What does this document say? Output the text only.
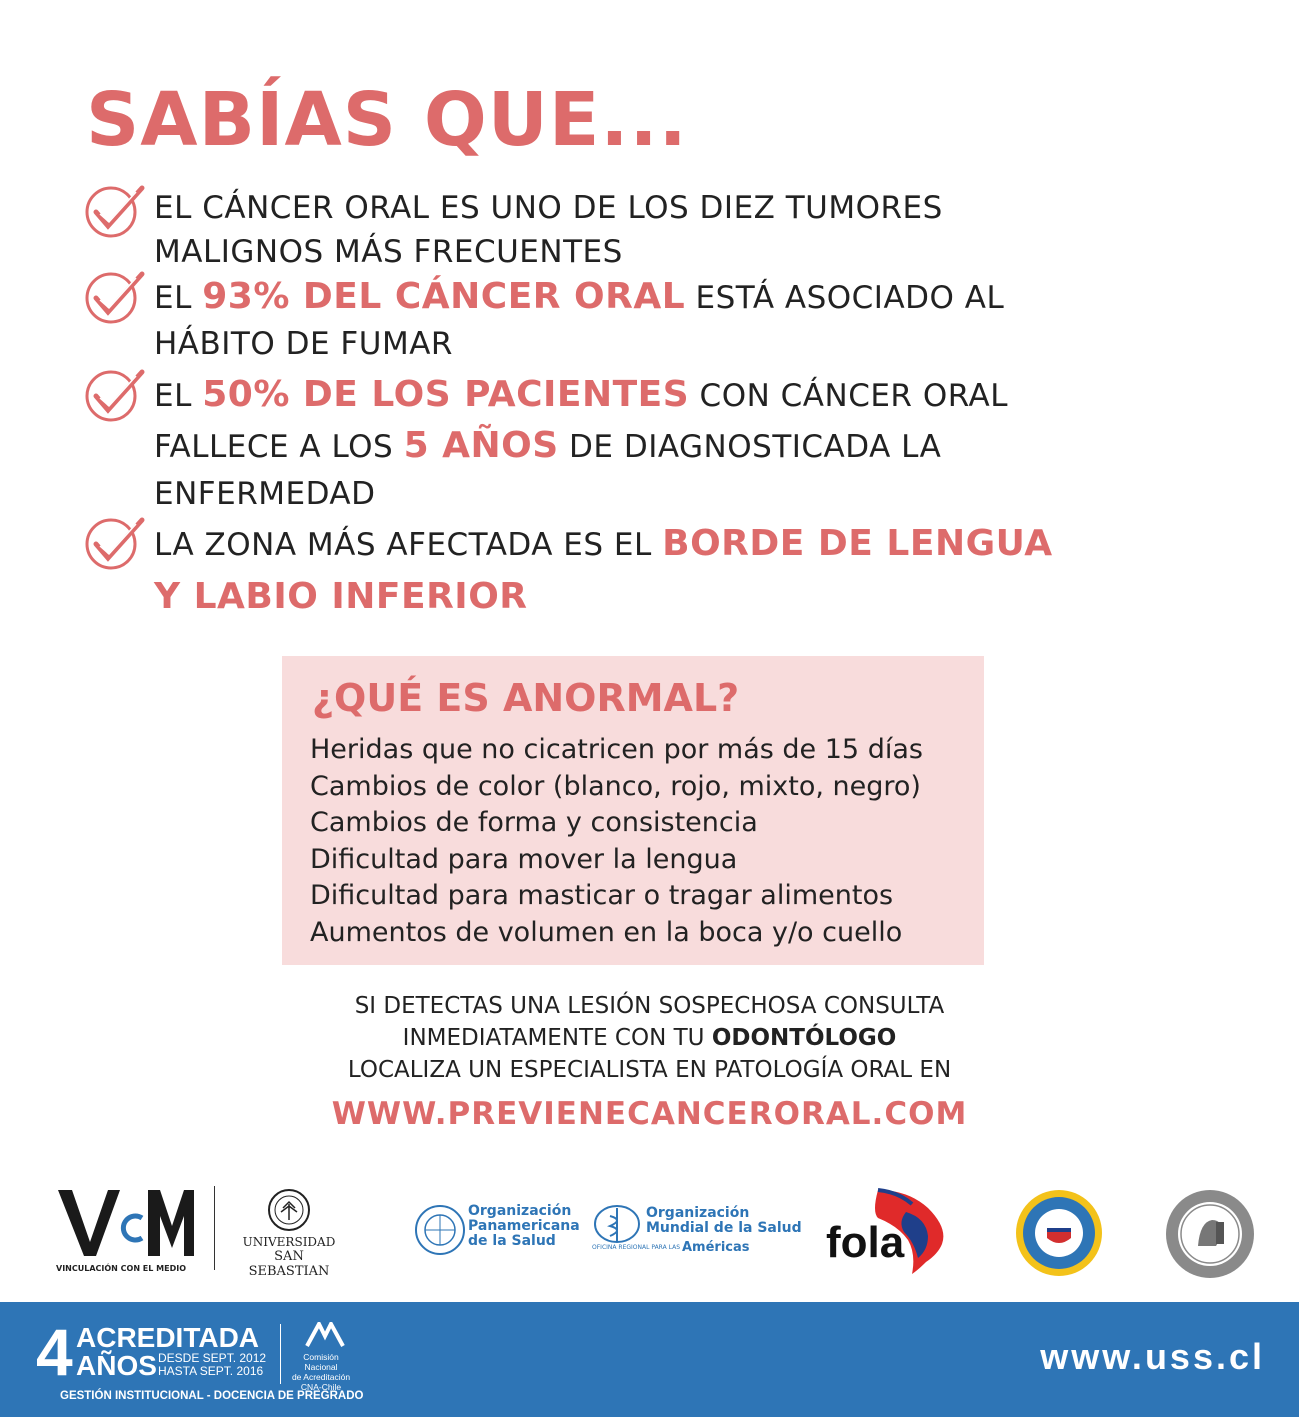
SABÍAS QUE...
EL CÁNCER ORAL ES UNO DE LOS DIEZ TUMORES
MALIGNOS MÁS FRECUENTES
EL 93% DEL CÁNCER ORAL ESTÁ ASOCIADO AL
HÁBITO DE FUMAR
EL 50% DE LOS PACIENTES CON CÁNCER ORAL
FALLECE A LOS 5 AÑOS DE DIAGNOSTICADA LA
ENFERMEDAD
LA ZONA MÁS AFECTADA ES EL BORDE DE LENGUA
Y LABIO INFERIOR
¿QUÉ ES ANORMAL?
Heridas que no cicatricen por más de 15 días
Cambios de color (blanco, rojo, mixto, negro)
Cambios de forma y consistencia
Dificultad para mover la lengua
Dificultad para masticar o tragar alimentos
Aumentos de volumen en la boca y/o cuello
SI DETECTAS UNA LESIÓN SOSPECHOSA CONSULTA
INMEDIATAMENTE CON TU ODONTÓLOGO
LOCALIZA UN ESPECIALISTA EN PATOLOGÍA ORAL EN
WWW.PREVIENECANCERORAL.COM
VINCULACIÓN CON EL MEDIO
UNIVERSIDAD
SAN SEBASTIAN
Organización
Panamericana
de la Salud
Organización
Mundial de la Salud
OFICINA REGIONAL PARA LAS Américas fola
4 ACREDITADA
AÑOS DESDE SEPT. 2012
HASTA SEPT. 2016
GESTIÓN INSTITUCIONAL - DOCENCIA DE PREGRADO
Comisión Nacional
de Acreditación
CNA-Chile
www.uss.cl
